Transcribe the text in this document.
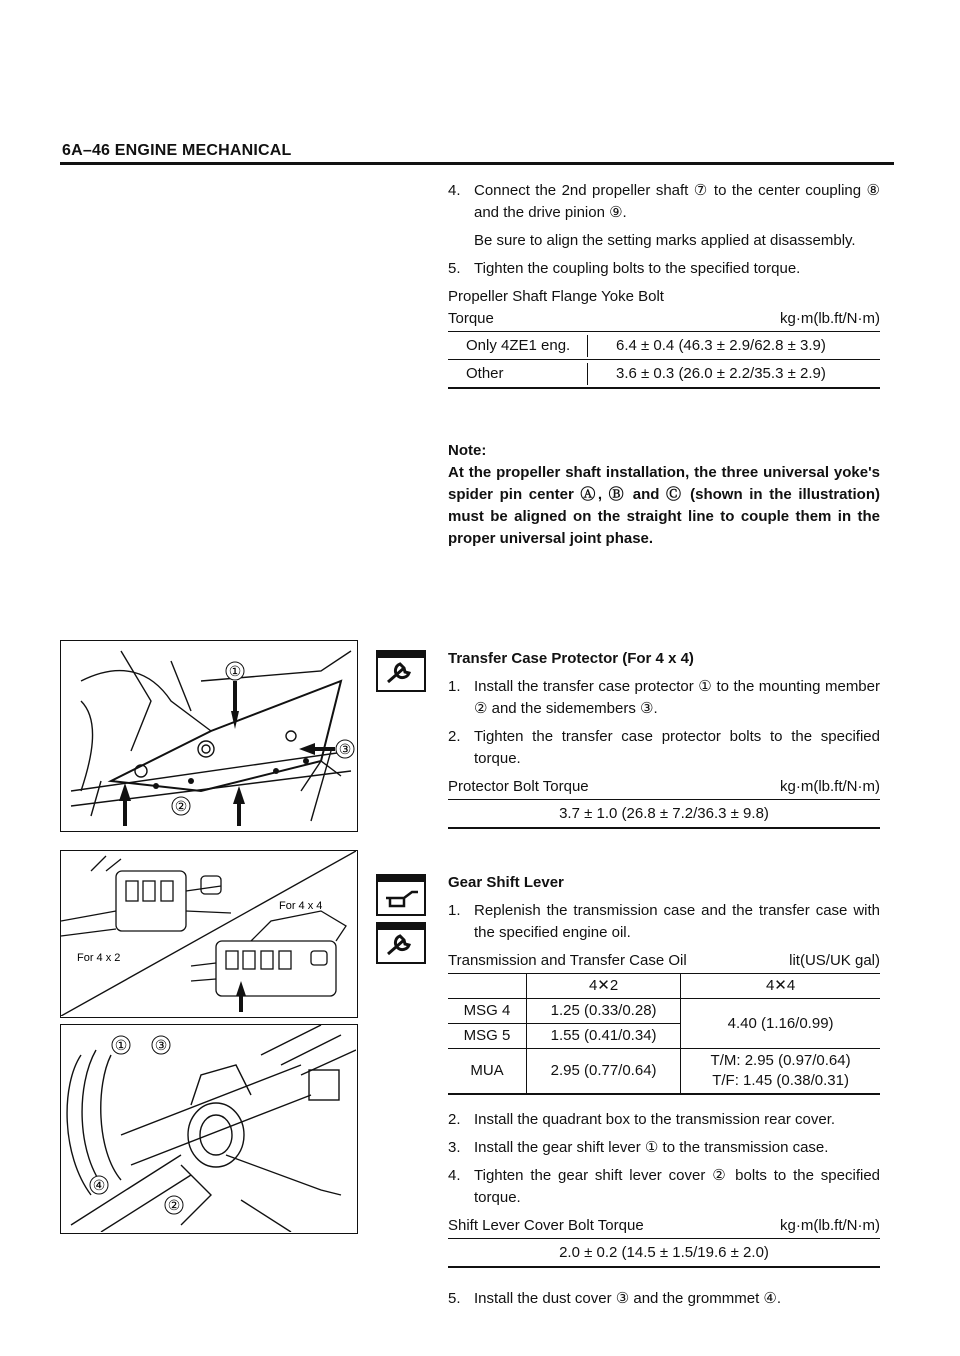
6A–46 ENGINE MECHANICAL
4. Connect the 2nd propeller shaft ⑦ to the center coupling ⑧ and the drive pinion ⑨.
Be sure to align the setting marks applied at disassembly.
5. Tighten the coupling bolts to the specified torque.
Propeller Shaft Flange Yoke Bolt
Torque	kg·m(lb.ft/N·m)
Only 4ZE1 eng.	6.4 ± 0.4 (46.3 ± 2.9/62.8 ± 3.9)
Other	3.6 ± 0.3 (26.0 ± 2.2/35.3 ± 2.9)
Note:
At the propeller shaft installation, the three universal yoke's spider pin center Ⓐ, Ⓑ and Ⓒ (shown in the illustration) must be aligned on the straight line to couple them in the proper universal joint phase.
Transfer Case Protector (For 4 x 4)
1. Install the transfer case protector ① to the mounting member ② and the sidemembers ③.
2. Tighten the transfer case protector bolts to the specified torque.
Protector Bolt Torque	kg·m(lb.ft/N·m)
3.7 ± 1.0 (26.8 ± 7.2/36.3 ± 9.8)
Gear Shift Lever
1. Replenish the transmission case and the transfer case with the specified engine oil.
Transmission and Transfer Case Oil	lit(US/UK gal)
	4✕2	4✕4
MSG 4	1.25 (0.33/0.28)	4.40 (1.16/0.99)
MSG 5	1.55 (0.41/0.34)	
MUA	2.95 (0.77/0.64)	T/M: 2.95 (0.97/0.64)
T/F: 1.45 (0.38/0.31)
2. Install the quadrant box to the transmission rear cover.
3. Install the gear shift lever ① to the transmission case.
4. Tighten the gear shift lever cover ② bolts to the specified torque.
Shift Lever Cover Bolt Torque	kg·m(lb.ft/N·m)
2.0 ± 0.2 (14.5 ± 1.5/19.6 ± 2.0)
5. Install the dust cover ③ and the grommmet ④.
①
②
③
For 4 x 4
For 4 x 2
① ③
④
②
